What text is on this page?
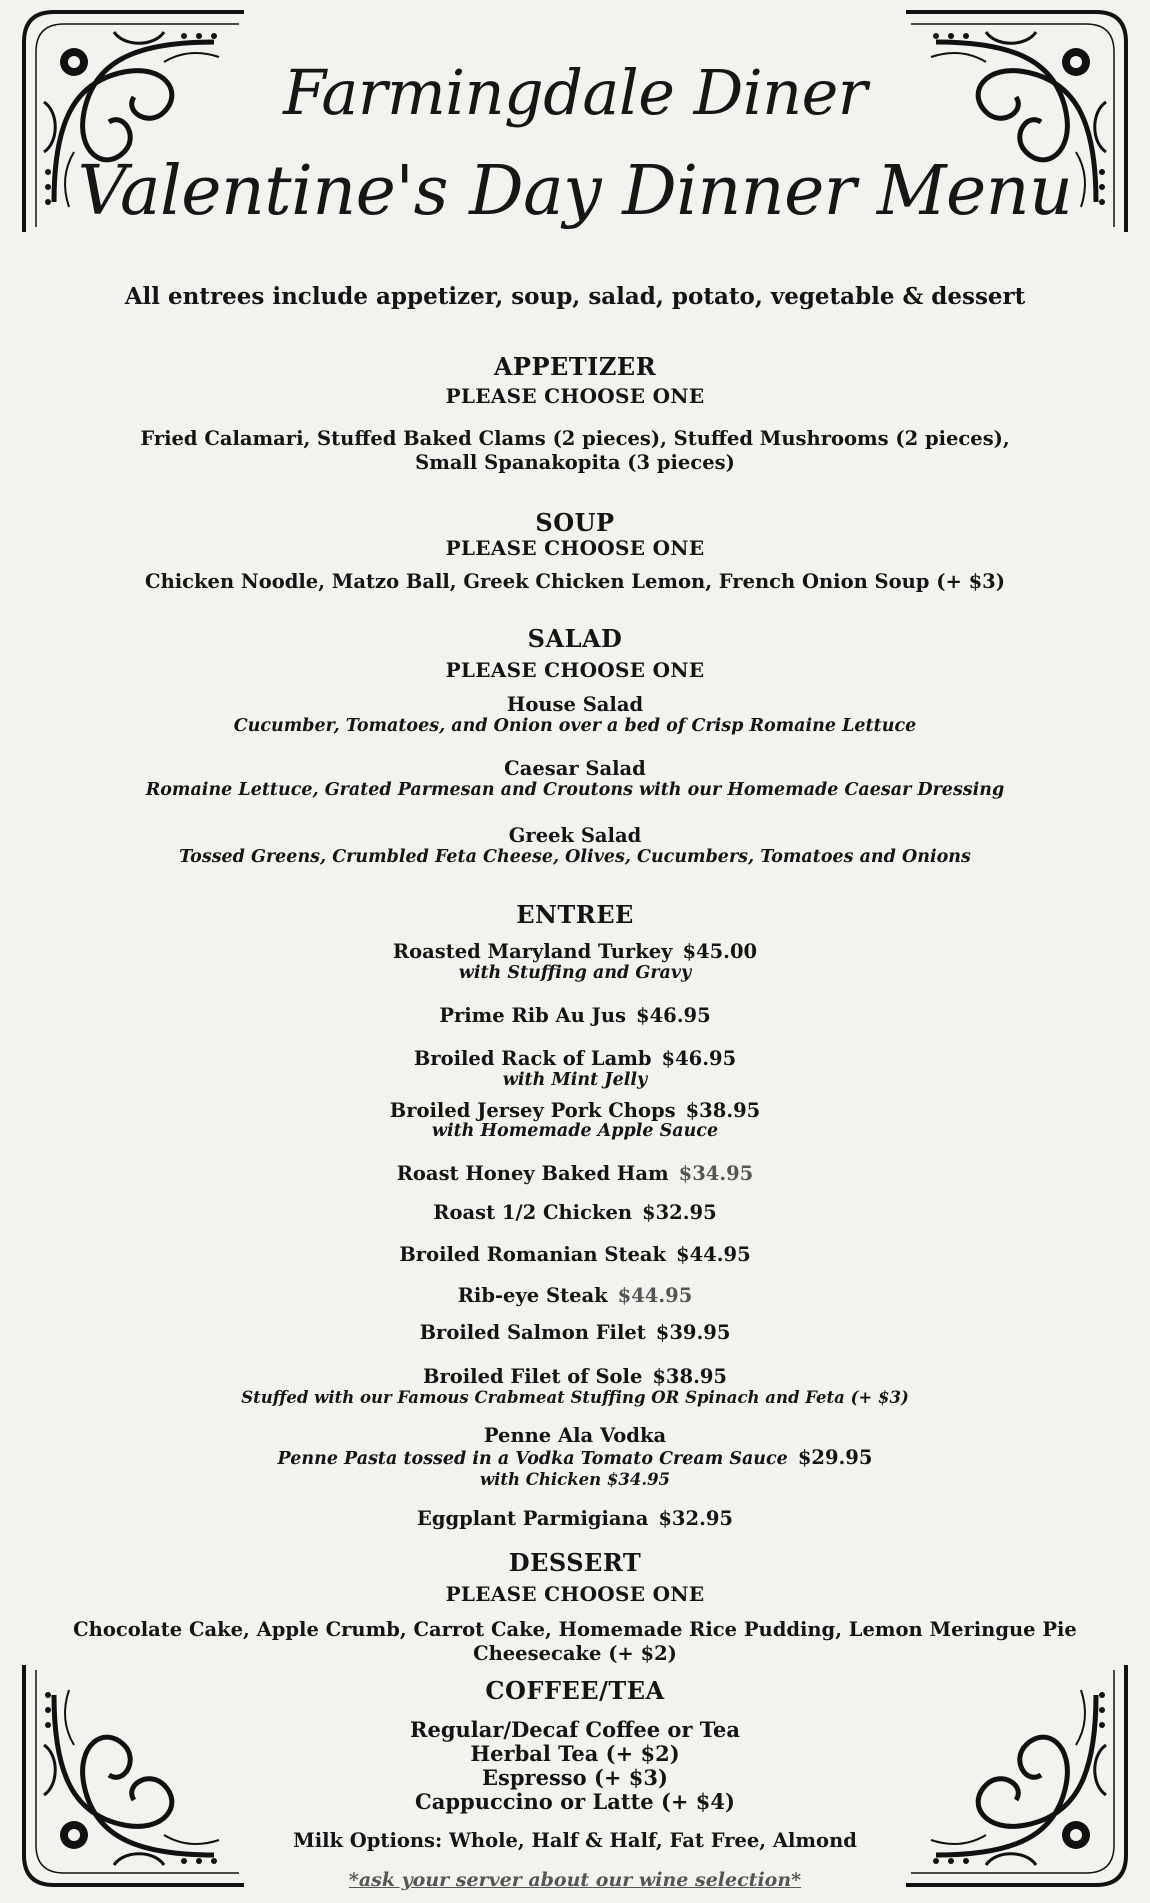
Farmingdale Diner
Valentine's Day Dinner Menu
All entrees include appetizer, soup, salad, potato, vegetable & dessert
APPETIZER
PLEASE CHOOSE ONE
Fried Calamari, Stuffed Baked Clams (2 pieces), Stuffed Mushrooms (2 pieces),
Small Spanakopita (3 pieces)
SOUP
PLEASE CHOOSE ONE
Chicken Noodle, Matzo Ball, Greek Chicken Lemon, French Onion Soup (+ $3)
SALAD
PLEASE CHOOSE ONE
House Salad
Cucumber, Tomatoes, and Onion over a bed of Crisp Romaine Lettuce
Caesar Salad
Romaine Lettuce, Grated Parmesan and Croutons with our Homemade Caesar Dressing
Greek Salad
Tossed Greens, Crumbled Feta Cheese, Olives, Cucumbers, Tomatoes and Onions
ENTREE
Roasted Maryland Turkey $45.00
with Stuffing and Gravy
Prime Rib Au Jus $46.95
Broiled Rack of Lamb $46.95
with Mint Jelly
Broiled Jersey Pork Chops $38.95
with Homemade Apple Sauce
Roast Honey Baked Ham $34.95
Roast 1/2 Chicken $32.95
Broiled Romanian Steak $44.95
Rib-eye Steak $44.95
Broiled Salmon Filet $39.95
Broiled Filet of Sole $38.95
Stuffed with our Famous Crabmeat Stuffing OR Spinach and Feta (+ $3)
Penne Ala Vodka
Penne Pasta tossed in a Vodka Tomato Cream Sauce $29.95
with Chicken $34.95
Eggplant Parmigiana $32.95
DESSERT
PLEASE CHOOSE ONE
Chocolate Cake, Apple Crumb, Carrot Cake, Homemade Rice Pudding, Lemon Meringue Pie
Cheesecake (+ $2)
COFFEE/TEA
Regular/Decaf Coffee or Tea
Herbal Tea (+ $2)
Espresso (+ $3)
Cappuccino or Latte (+ $4)
Milk Options: Whole, Half & Half, Fat Free, Almond
*ask your server about our wine selection*
